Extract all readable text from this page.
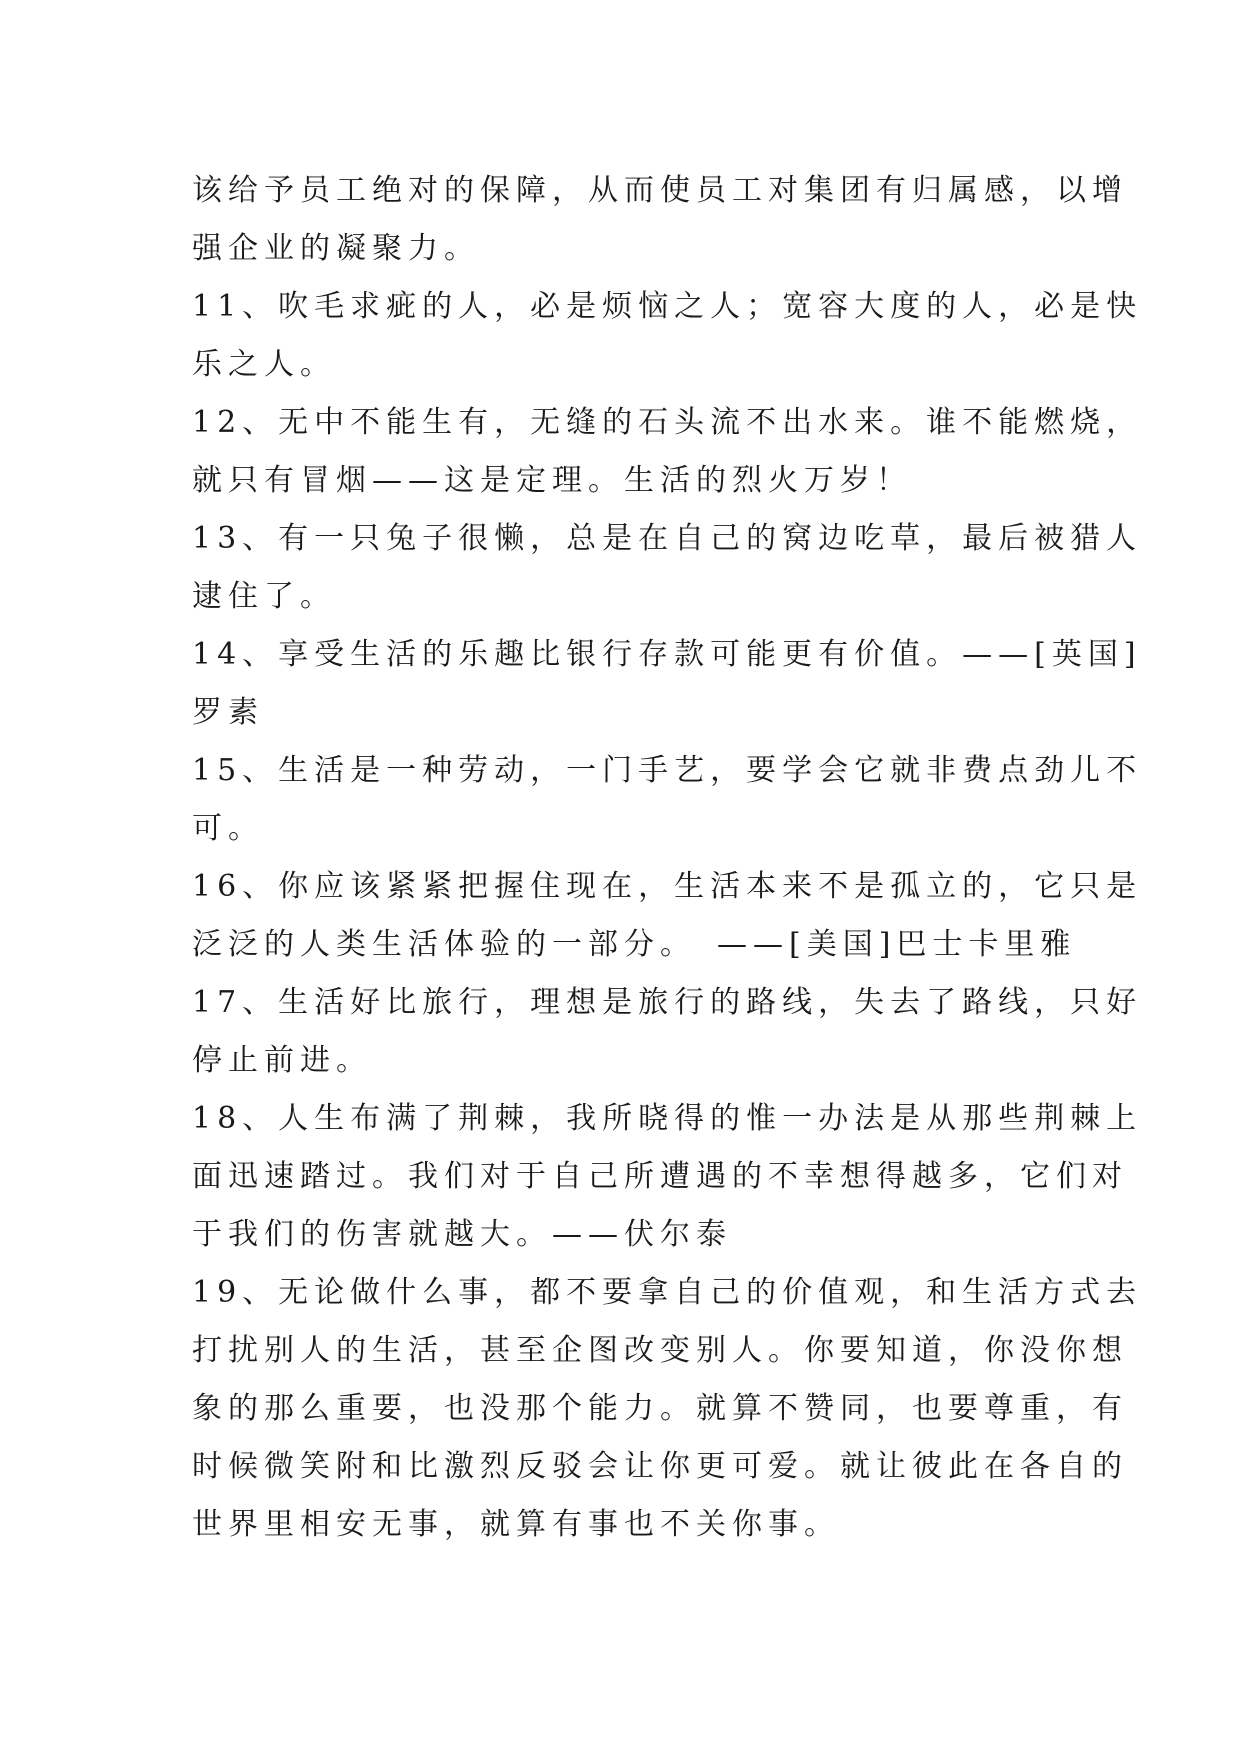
该给予员工绝对的保障，从而使员工对集团有归属感，以增
强企业的凝聚力。
11、吹毛求疵的人，必是烦恼之人；宽容大度的人，必是快
乐之人。
12、无中不能生有，无缝的石头流不出水来。谁不能燃烧，
就只有冒烟——这是定理。生活的烈火万岁！
13、有一只兔子很懒，总是在自己的窝边吃草，最后被猎人
逮住了。
14、享受生活的乐趣比银行存款可能更有价值。——[英国]
罗素
15、生活是一种劳动，一门手艺，要学会它就非费点劲儿不
可。
16、你应该紧紧把握住现在，生活本来不是孤立的，它只是
泛泛的人类生活体验的一部分。　——[美国]巴士卡里雅
17、生活好比旅行，理想是旅行的路线，失去了路线，只好
停止前进。
18、人生布满了荆棘，我所晓得的惟一办法是从那些荆棘上
面迅速踏过。我们对于自己所遭遇的不幸想得越多，它们对
于我们的伤害就越大。——伏尔泰
19、无论做什么事，都不要拿自己的价值观，和生活方式去
打扰别人的生活，甚至企图改变别人。你要知道，你没你想
象的那么重要，也没那个能力。就算不赞同，也要尊重，有
时候微笑附和比激烈反驳会让你更可爱。就让彼此在各自的
世界里相安无事，就算有事也不关你事。
